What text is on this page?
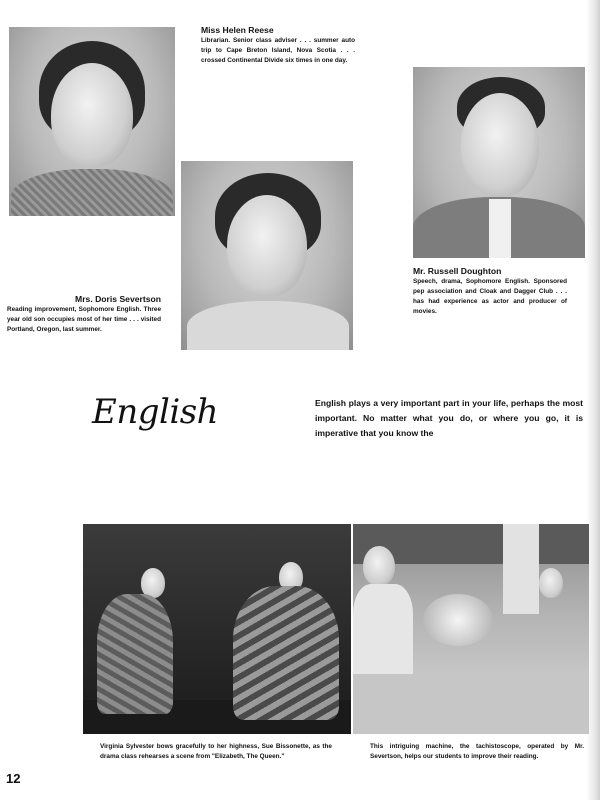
Miss Helen Reese
Librarian. Senior class adviser . . . summer auto trip to Cape Breton Island, Nova Scotia . . . crossed Continental Divide six times in one day.
Mrs. Doris Severtson
Reading improvement, Sophomore English. Three year old son occupies most of her time . . . visited Portland, Oregon, last summer.
Mr. Russell Doughton
Speech, drama, Sophomore English. Sponsored pep association and Cloak and Dagger Club . . . has had experience as actor and producer of movies.
English	English plays a very important part in your life, perhaps the most important. No matter what you do, or where you go, it is imperative that you know the
Virginia Sylvester bows gracefully to her highness, Sue Bissonette, as the drama class rehearses a scene from "Elizabeth, The Queen."
This intriguing machine, the tachistoscope, operated by Mr. Severtson, helps our students to improve their reading.
12
